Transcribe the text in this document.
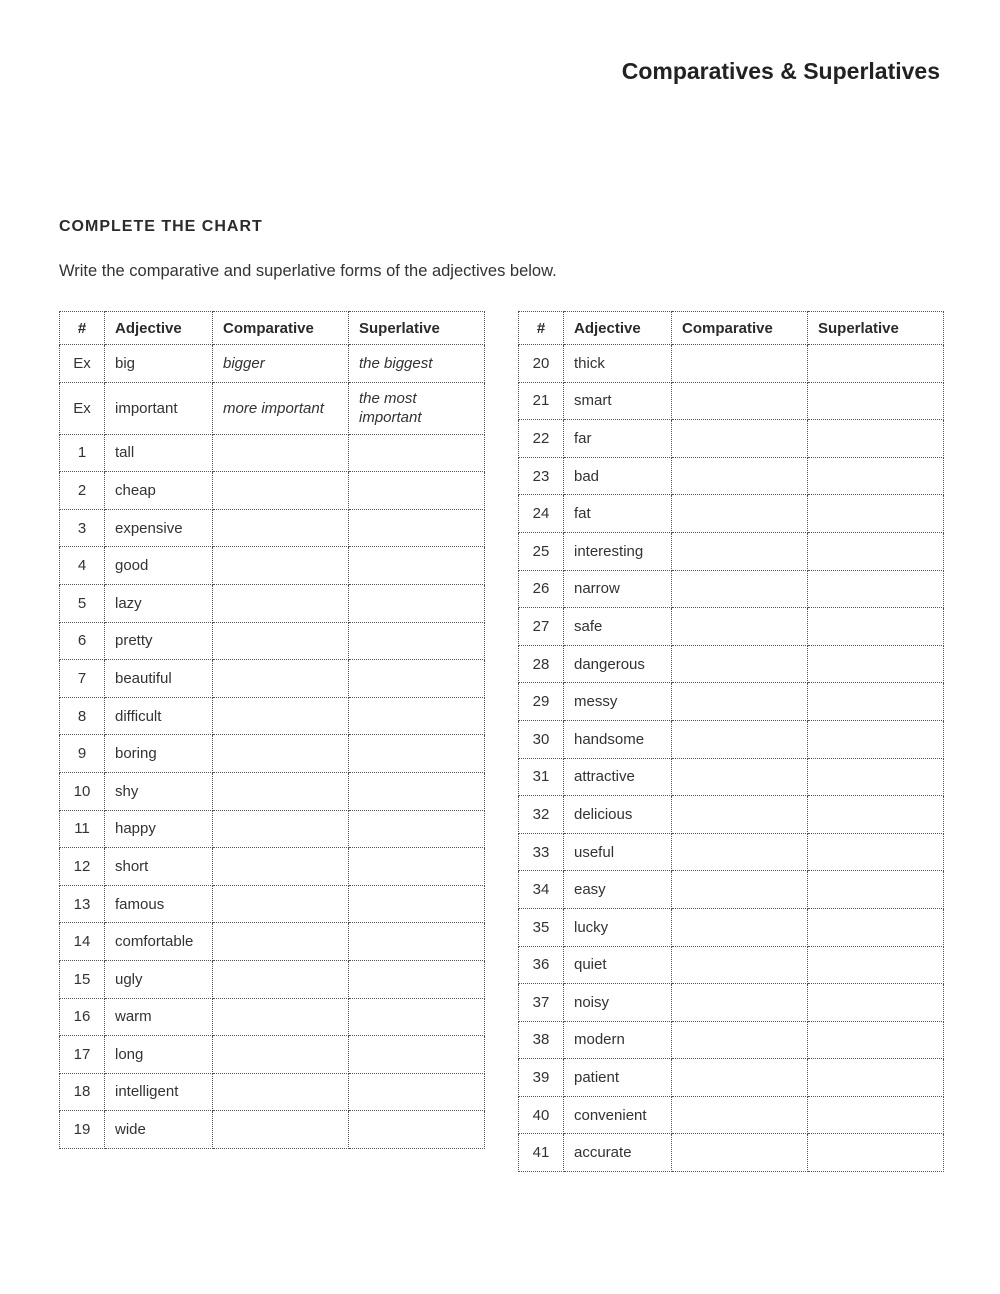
Comparatives & Superlatives
COMPLETE THE CHART

Write the comparative and superlative forms of the adjectives below.

#	Adjective	Comparative	Superlative
Ex	big	bigger	the biggest
Ex	important	more important	the most important
1	tall		
2	cheap		
3	expensive		
4	good		
5	lazy		
6	pretty		
7	beautiful		
8	difficult		
9	boring		
10	shy		
11	happy		
12	short		
13	famous		
14	comfortable		
15	ugly		
16	warm		
17	long		
18	intelligent		
19	wide		
#	Adjective	Comparative	Superlative
20	thick		
21	smart		
22	far		
23	bad		
24	fat		
25	interesting		
26	narrow		
27	safe		
28	dangerous		
29	messy		
30	handsome		
31	attractive		
32	delicious		
33	useful		
34	easy		
35	lucky		
36	quiet		
37	noisy		
38	modern		
39	patient		
40	convenient		
41	accurate		
